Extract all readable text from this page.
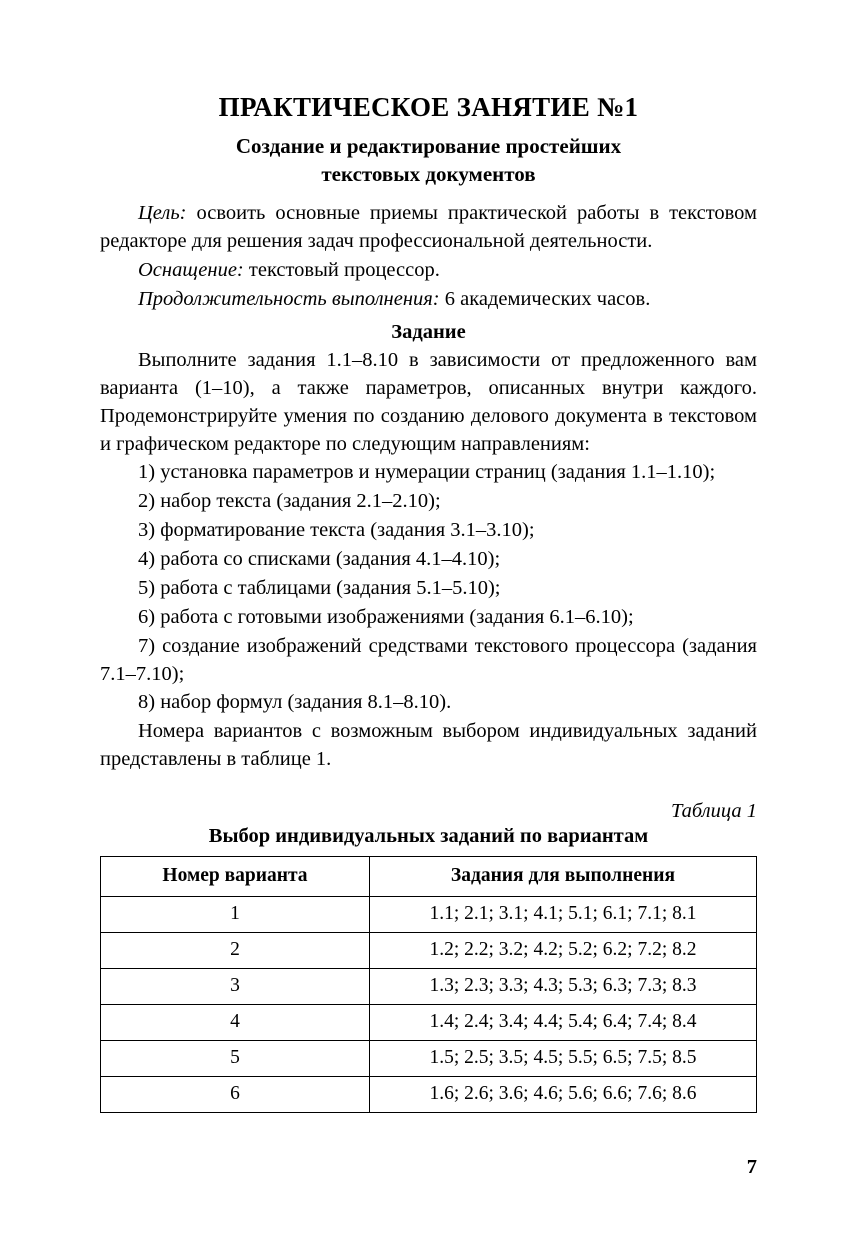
ПРАКТИЧЕСКОЕ ЗАНЯТИЕ №1
Создание и редактирование простейших
текстовых документов

Цель: освоить основные приемы практической работы в текстовом редакторе для решения задач профессиональной деятельности.

Оснащение: текстовый процессор.

Продолжительность выполнения: 6 академических часов.

Задание

Выполните задания 1.1–8.10 в зависимости от предложенного вам варианта (1–10), а также параметров, описанных внутри каждого. Продемонстрируйте умения по созданию делового документа в текстовом и графическом редакторе по следующим направлениям:

1) установка параметров и нумерации страниц (задания 1.1–1.10);

2) набор текста (задания 2.1–2.10);

3) форматирование текста (задания 3.1–3.10);

4) работа со списками (задания 4.1–4.10);

5) работа с таблицами (задания 5.1–5.10);

6) работа с готовыми изображениями (задания 6.1–6.10);

7) создание изображений средствами текстового процессора (задания 7.1–7.10);

8) набор формул (задания 8.1–8.10).

Номера вариантов с возможным выбором индивидуальных заданий представлены в таблице 1.

Таблица 1
Выбор индивидуальных заданий по вариантам
Номер варианта	Задания для выполнения
1	1.1; 2.1; 3.1; 4.1; 5.1; 6.1; 7.1; 8.1
2	1.2; 2.2; 3.2; 4.2; 5.2; 6.2; 7.2; 8.2
3	1.3; 2.3; 3.3; 4.3; 5.3; 6.3; 7.3; 8.3
4	1.4; 2.4; 3.4; 4.4; 5.4; 6.4; 7.4; 8.4
5	1.5; 2.5; 3.5; 4.5; 5.5; 6.5; 7.5; 8.5
6	1.6; 2.6; 3.6; 4.6; 5.6; 6.6; 7.6; 8.6
7
